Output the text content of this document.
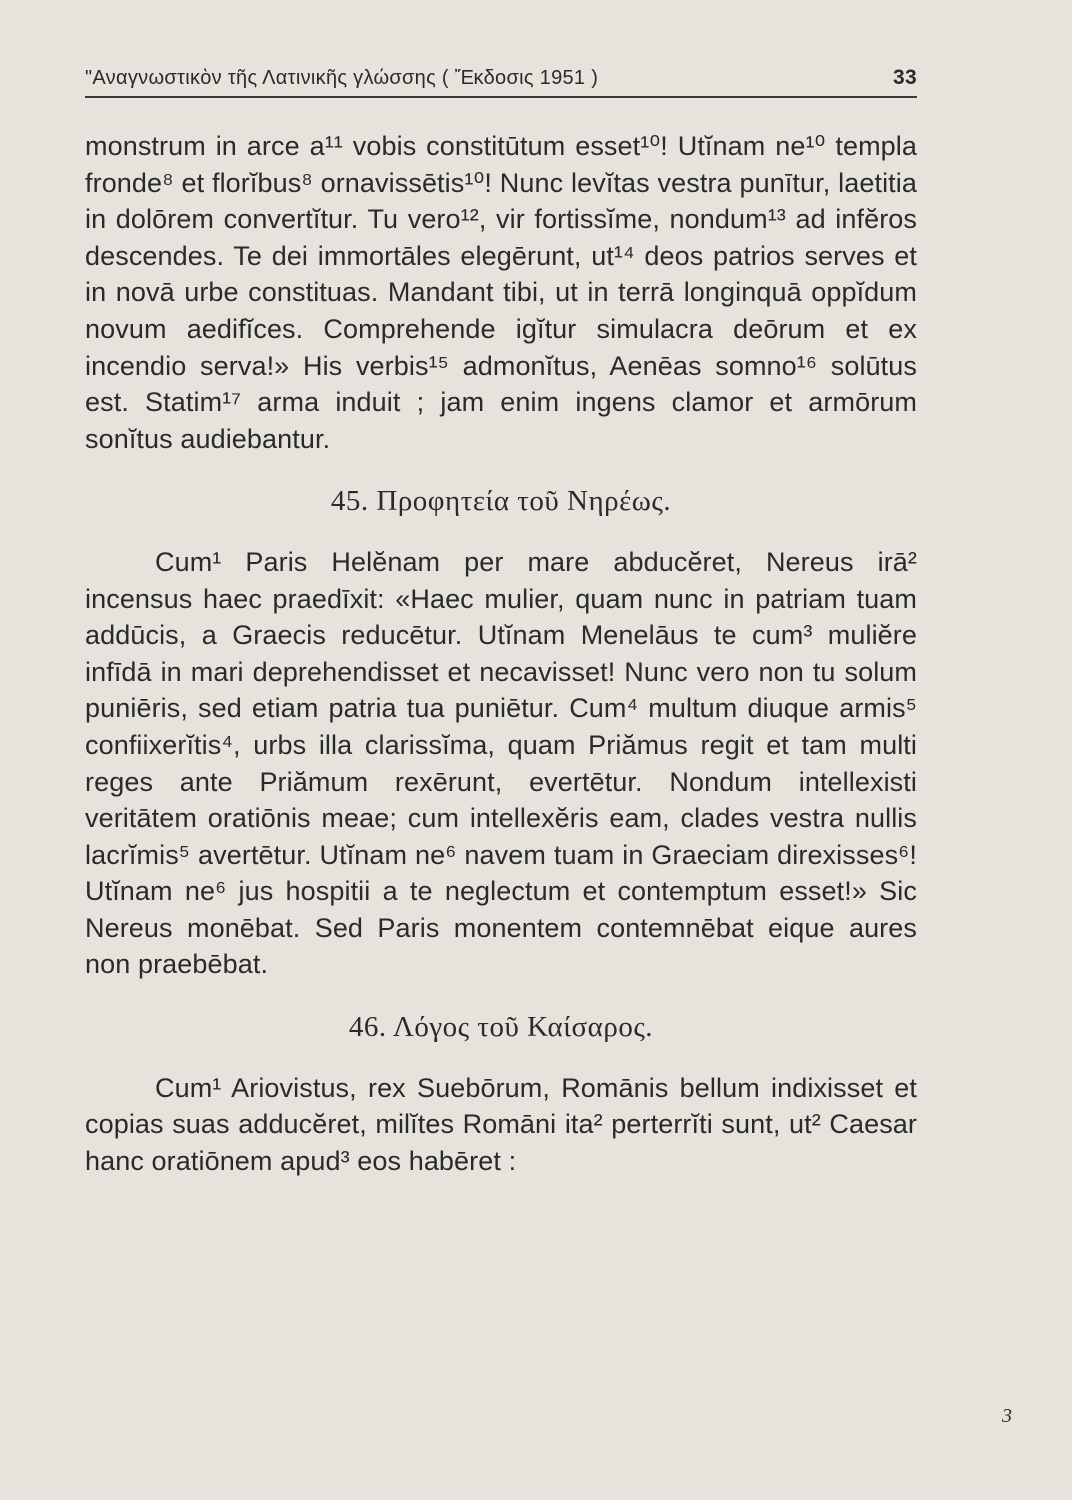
"Αναγνωστικὸν τῆς Λατινικῆς γλώσσης ( Ἔκδοσις 1951 )	33

monstrum in arce a¹¹ vobis constitūtum esset¹⁰! Utĭnam ne¹⁰ templa fronde⁸ et florĭbus⁸ ornavissētis¹⁰! Nunc levĭtas vestra punītur, laetitia in dolōrem convertĭtur. Tu vero¹², vir fortissĭme, nondum¹³ ad infĕros descendes. Te dei immortāles elegērunt, ut¹⁴ deos patrios serves et in novā urbe constituas. Mandant tibi, ut in terrā longinquā oppĭdum novum aedifĭces. Comprehende igĭtur simulacra deōrum et ex incendio serva!» His verbis¹⁵ admonĭtus, Aenēas somno¹⁶ solūtus est. Statim¹⁷ arma induit ; jam enim ingens clamor et armōrum sonĭtus audiebantur.

45. Προφητεία τοῦ Νηρέως.

Cum¹ Paris Helĕnam per mare abducĕret, Nereus irā² incensus haec praedīxit: «Haec mulier, quam nunc in patriam tuam addūcis, a Graecis reducētur. Utĭnam Menelāus te cum³ muliĕre infīdā in mari deprehendisset et necavisset! Nunc vero non tu solum puniēris, sed etiam patria tua puniētur. Cum⁴ multum diuque armis⁵ confiixerĭtis⁴, urbs illa clarissĭma, quam Priămus regit et tam multi reges ante Priămum rexērunt, evertētur. Nondum intellexisti veritātem oratiōnis meae; cum intellexĕris eam, clades vestra nullis lacrĭmis⁵ avertētur. Utĭnam ne⁶ navem tuam in Graeciam direxisses⁶! Utĭnam ne⁶ jus hospitii a te neglectum et contemptum esset!» Sic Nereus monēbat. Sed Paris monentem contemnēbat eique aures non praebēbat.

46. Λόγος τοῦ Καίσαρος.

Cum¹ Ariovistus, rex Suebōrum, Romānis bellum indixisset et copias suas adducĕret, milĭtes Romāni ita² perterrĭti sunt, ut² Caesar hanc oratiōnem apud³ eos habēret :

3
